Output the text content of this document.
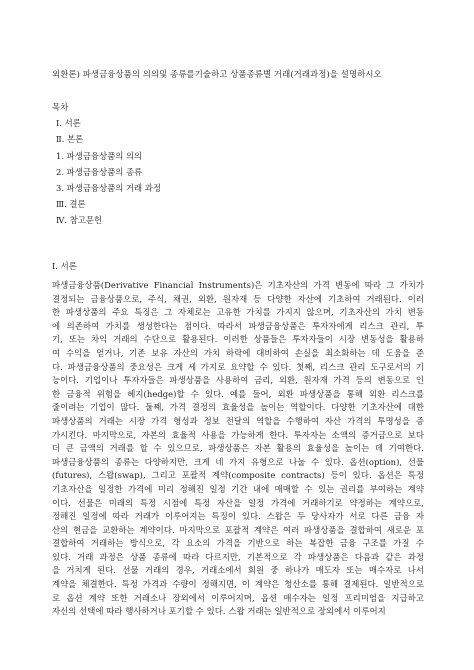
외환론) 파생금융상품의 의의및 종류를기술하고 상품종류별 거래(거래과정)을 설명하시오
목차
Ⅰ. 서론
Ⅱ. 본론
1. 파생금융상품의 의의
2. 파생금융상품의 종류
3. 파생금융상품의 거래 과정
Ⅲ. 결론
Ⅳ. 참고문헌
Ⅰ. 서론
파생금융상품(Derivative Financial Instruments)은 기초자산의 가격 변동에 따라 그 가치가
결정되는 금융상품으로, 주식, 채권, 외환, 원자재 등 다양한 자산에 기초하여 거래된다. 이러
한 파생상품의 주요 특징은 그 자체로는 고유한 가치를 가지지 않으며, 기초자산의 가치 변동
에 의존하여 가치를 생성한다는 점이다. 따라서 파생금융상품은 투자자에게 리스크 관리, 투
기, 또는 차익 거래의 수단으로 활용된다. 이러한 상품들은 투자자들이 시장 변동성을 활용하
여 수익을 얻거나, 기존 보유 자산의 가치 하락에 대비하여 손실을 최소화하는 데 도움을 준
다. 파생금융상품의 중요성은 크게 세 가지로 요약할 수 있다. 첫째, 리스크 관리 도구로서의 기
능이다. 기업이나 투자자들은 파생상품을 사용하여 금리, 외환, 원자재 가격 등의 변동으로 인
한 금융적 위험을 헤지(hedge)할 수 있다. 예를 들어, 외환 파생상품을 통해 외환 리스크를
줄이려는 기업이 많다. 둘째, 가격 결정의 효율성을 높이는 역할이다. 다양한 기초자산에 대한
파생상품의 거래는 시장 가격 형성과 정보 전달의 역할을 수행하여 자산 가격의 투명성을 증
가시킨다. 마지막으로, 자본의 효율적 사용을 가능하게 한다. 투자자는 소액의 증거금으로 보다
더 큰 금액의 거래를 할 수 있으므로, 파생상품은 자본 활용의 효율성을 높이는 데 기여한다.
파생금융상품의 종류는 다양하지만, 크게 네 가지 유형으로 나눌 수 있다. 옵션(option), 선물
(futures), 스왑(swap), 그리고 포괄적 계약(composite contracts) 등이 있다. 옵션은 특정
기초자산을 일정한 가격에 미리 정해진 일정 기간 내에 매매할 수 있는 권리를 부여하는 계약
이다. 선물은 미래의 특정 시점에 특정 자산을 일정 가격에 거래하기로 약정하는 계약으로,
정해진 일정에 따라 거래가 이루어지는 특징이 있다. 스왑은 두 당사자가 서로 다른 금융 자
산의 현금을 교환하는 계약이다. 마지막으로 포괄적 계약은 여러 파생상품을 결합하여 새로운 포
결합하여 거래하는 방식으로, 각 요소의 가격을 기반으로 하는 복잡한 금융 구조를 가질 수
있다. 거래 과정은 상품 종류에 따라 다르지만, 기본적으로 각 파생상품은 다음과 같은 과정
을 거치게 된다. 선물 거래의 경우, 거래소에서 회원 중 하나가 매도자 또는 매수자로 나서
계약을 체결한다. 특정 가격과 수량이 정해지면, 이 계약은 청산소를 통해 결제된다. 일반적으로
로 옵션 계약 또한 거래소나 장외에서 이루어지며, 옵션 매수자는 일정 프리미엄을 지급하고
자신의 선택에 따라 행사하거나 포기할 수 있다. 스왑 거래는 일반적으로 장외에서 이루어지
